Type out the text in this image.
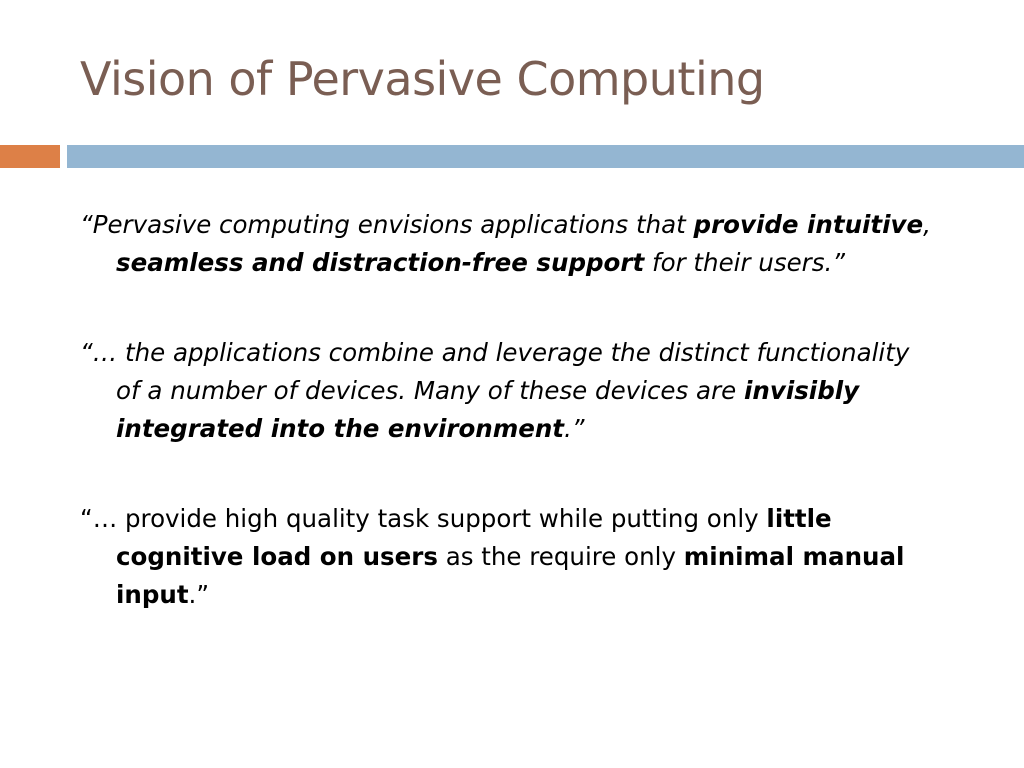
Vision of Pervasive Computing

“Pervasive computing envisions applications that provide intuitive, seamless and distraction-free support for their users.”

“… the applications combine and leverage the distinct functionality of a number of devices. Many of these devices are invisibly integrated into the environment.”

“… provide high quality task support while putting only little cognitive load on users as the require only minimal manual input.”
